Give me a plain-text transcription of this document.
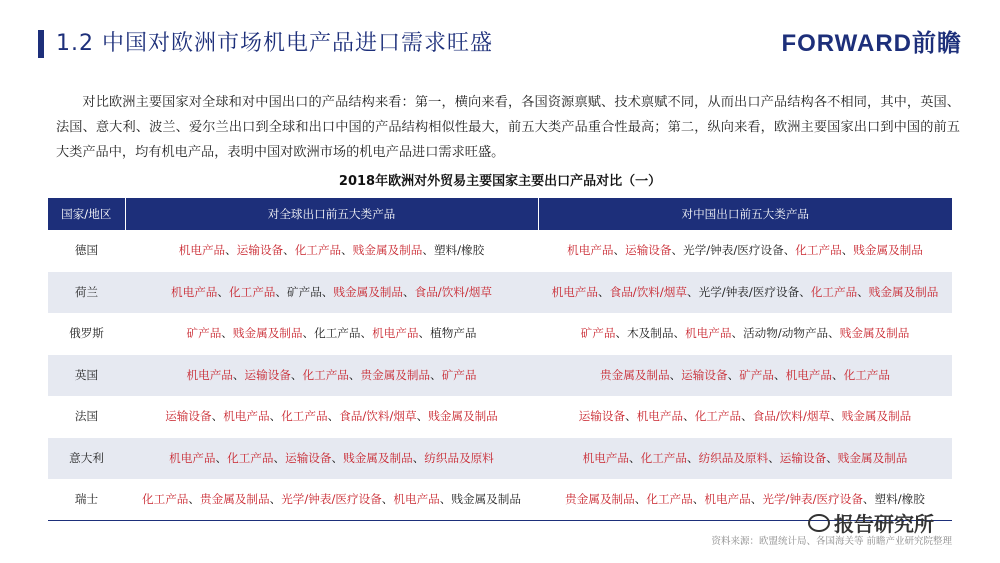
1.2 中国对欧洲市场机电产品进口需求旺盛	FORWARD前瞻

对比欧洲主要国家对全球和对中国出口的产品结构来看：第一，横向来看，各国资源禀赋、技术禀赋不同，从而出口产品结构各不相同，其中，英国、法国、意大利、波兰、爱尔兰出口到全球和出口中国的产品结构相似性最大，前五大类产品重合性最高；第二，纵向来看，欧洲主要国家出口到中国的前五大类产品中，均有机电产品，表明中国对欧洲市场的机电产品进口需求旺盛。

2018年欧洲对外贸易主要国家主要出口产品对比（一）
国家/地区	对全球出口前五大类产品	对中国出口前五大类产品
德国	机电产品、运输设备、化工产品、贱金属及制品、塑料/橡胶	机电产品、运输设备、光学/钟表/医疗设备、化工产品、贱金属及制品
荷兰	机电产品、化工产品、矿产品、贱金属及制品、食品/饮料/烟草	机电产品、食品/饮料/烟草、光学/钟表/医疗设备、化工产品、贱金属及制品
俄罗斯	矿产品、贱金属及制品、化工产品、机电产品、植物产品	矿产品、木及制品、机电产品、活动物/动物产品、贱金属及制品
英国	机电产品、运输设备、化工产品、贵金属及制品、矿产品	贵金属及制品、运输设备、矿产品、机电产品、化工产品
法国	运输设备、机电产品、化工产品、食品/饮料/烟草、贱金属及制品	运输设备、机电产品、化工产品、食品/饮料/烟草、贱金属及制品
意大利	机电产品、化工产品、运输设备、贱金属及制品、纺织品及原料	机电产品、化工产品、纺织品及原料、运输设备、贱金属及制品
瑞士	化工产品、贵金属及制品、光学/钟表/医疗设备、机电产品、贱金属及制品	贵金属及制品、化工产品、机电产品、光学/钟表/医疗设备、塑料/橡胶
报告研究所
资料来源：欧盟统计局、各国海关等 前瞻产业研究院整理
